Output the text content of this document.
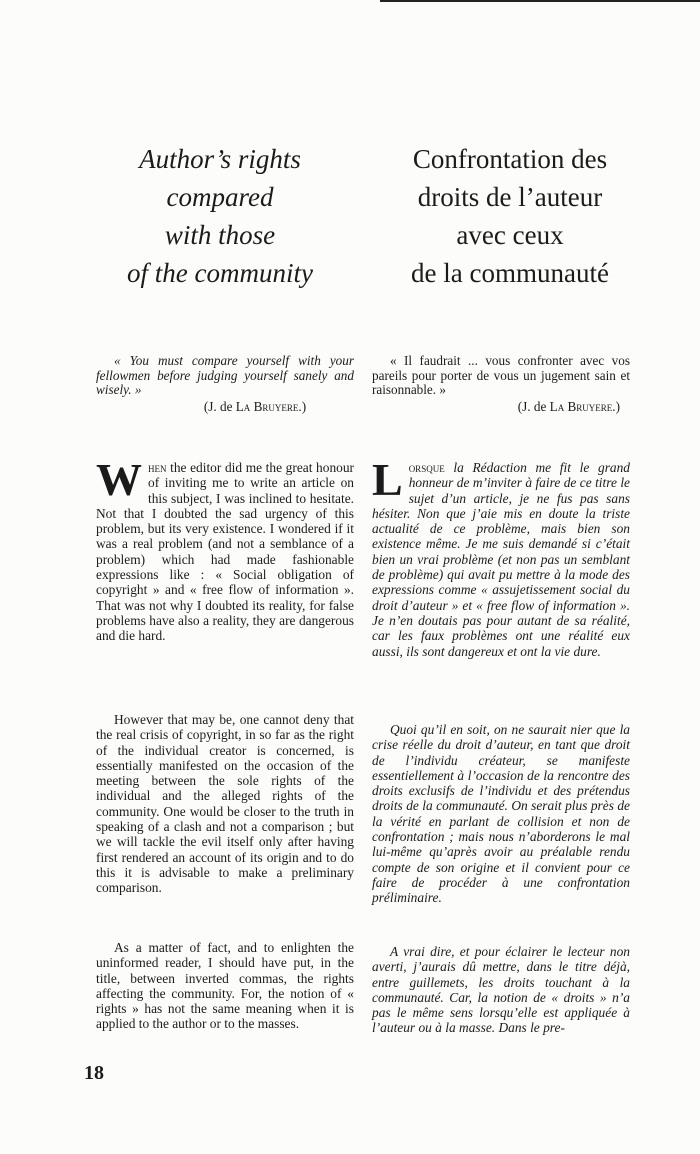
Author’s rights
compared
with those
of the community
Confrontation des
droits de l’auteur
avec ceux
de la communauté

« You must compare yourself with your fellowmen before judging yourself sanely and wisely. »

(J. de La Bruyere.)

« Il faudrait ... vous confronter avec vos pareils pour porter de vous un jugement sain et raisonnable. »

(J. de La Bruyere.)

When the editor did me the great honour of inviting me to write an article on this subject, I was inclined to hesitate. Not that I doubted the sad urgency of this problem, but its very existence. I wondered if it was a real problem (and not a semblance of a problem) which had made fashionable expressions like : « Social obligation of copyright » and « free flow of information ». That was not why I doubted its reality, for false problems have also a reality, they are dangerous and die hard.

However that may be, one cannot deny that the real crisis of copyright, in so far as the right of the individual creator is concerned, is essentially manifested on the occasion of the meeting between the sole rights of the individual and the alleged rights of the community. One would be closer to the truth in speaking of a clash and not a comparison ; but we will tackle the evil itself only after having first rendered an account of its origin and to do this it is advisable to make a preliminary comparison.

As a matter of fact, and to enlighten the uninformed reader, I should have put, in the title, between inverted commas, the rights affecting the community. For, the notion of « rights » has not the same meaning when it is applied to the author or to the masses.

Lorsque la Rédaction me fit le grand honneur de m’inviter à faire de ce titre le sujet d’un article, je ne fus pas sans hésiter. Non que j’aie mis en doute la triste actualité de ce problème, mais bien son existence même. Je me suis demandé si c’était bien un vrai problème (et non pas un semblant de problème) qui avait pu mettre à la mode des expressions comme « assujetissement social du droit d’auteur » et « free flow of information ». Je n’en doutais pas pour autant de sa réalité, car les faux problèmes ont une réalité eux aussi, ils sont dangereux et ont la vie dure.

Quoi qu’il en soit, on ne saurait nier que la crise réelle du droit d’auteur, en tant que droit de l’individu créateur, se manifeste essentiellement à l’occasion de la rencontre des droits exclusifs de l’individu et des prétendus droits de la communauté. On serait plus près de la vérité en parlant de collision et non de confrontation ; mais nous n’aborderons le mal lui-même qu’après avoir au préalable rendu compte de son origine et il convient pour ce faire de procéder à une confrontation préliminaire.

A vrai dire, et pour éclairer le lecteur non averti, j’aurais dû mettre, dans le titre déjà, entre guillemets, les droits touchant à la communauté. Car, la notion de « droits » n’a pas le même sens lorsqu’elle est appliquée à l’auteur ou à la masse. Dans le pre-

18
